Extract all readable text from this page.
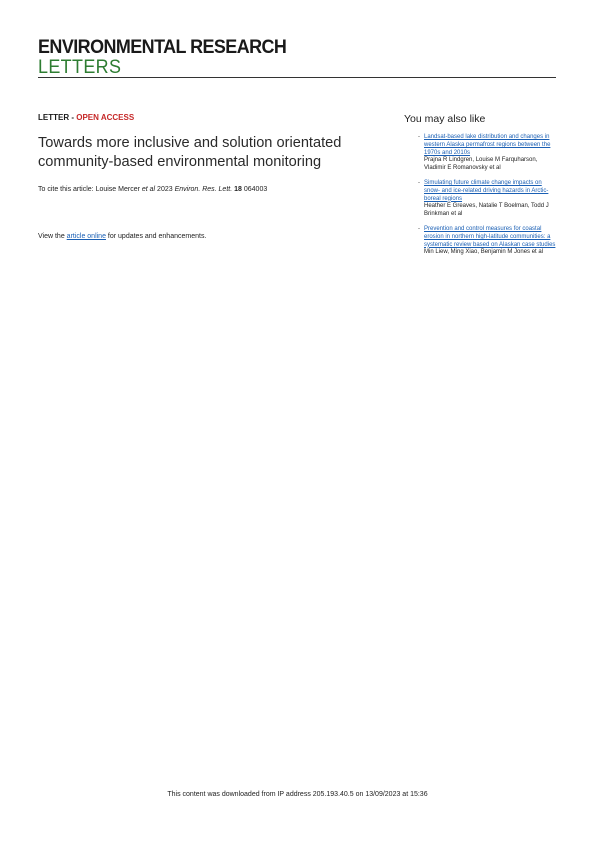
ENVIRONMENTAL RESEARCH
LETTERS
LETTER - OPEN ACCESS
Towards more inclusive and solution orientated community-based environmental monitoring
To cite this article: Louise Mercer et al 2023 Environ. Res. Lett. 18 064003
View the article online for updates and enhancements.
You may also like
- Landsat-based lake distribution and changes in western Alaska permafrost regions between the 1970s and 2010s
Prajna R Lindgren, Louise M Farquharson, Vladimir E Romanovsky et al
- Simulating future climate change impacts on snow- and ice-related driving hazards in Arctic-boreal regions
Heather E Greaves, Natalie T Boelman, Todd J Brinkman et al
- Prevention and control measures for coastal erosion in northern high-latitude communities: a systematic review based on Alaskan case studies
Min Liew, Ming Xiao, Benjamin M Jones et al
This content was downloaded from IP address 205.193.40.5 on 13/09/2023 at 15:36
